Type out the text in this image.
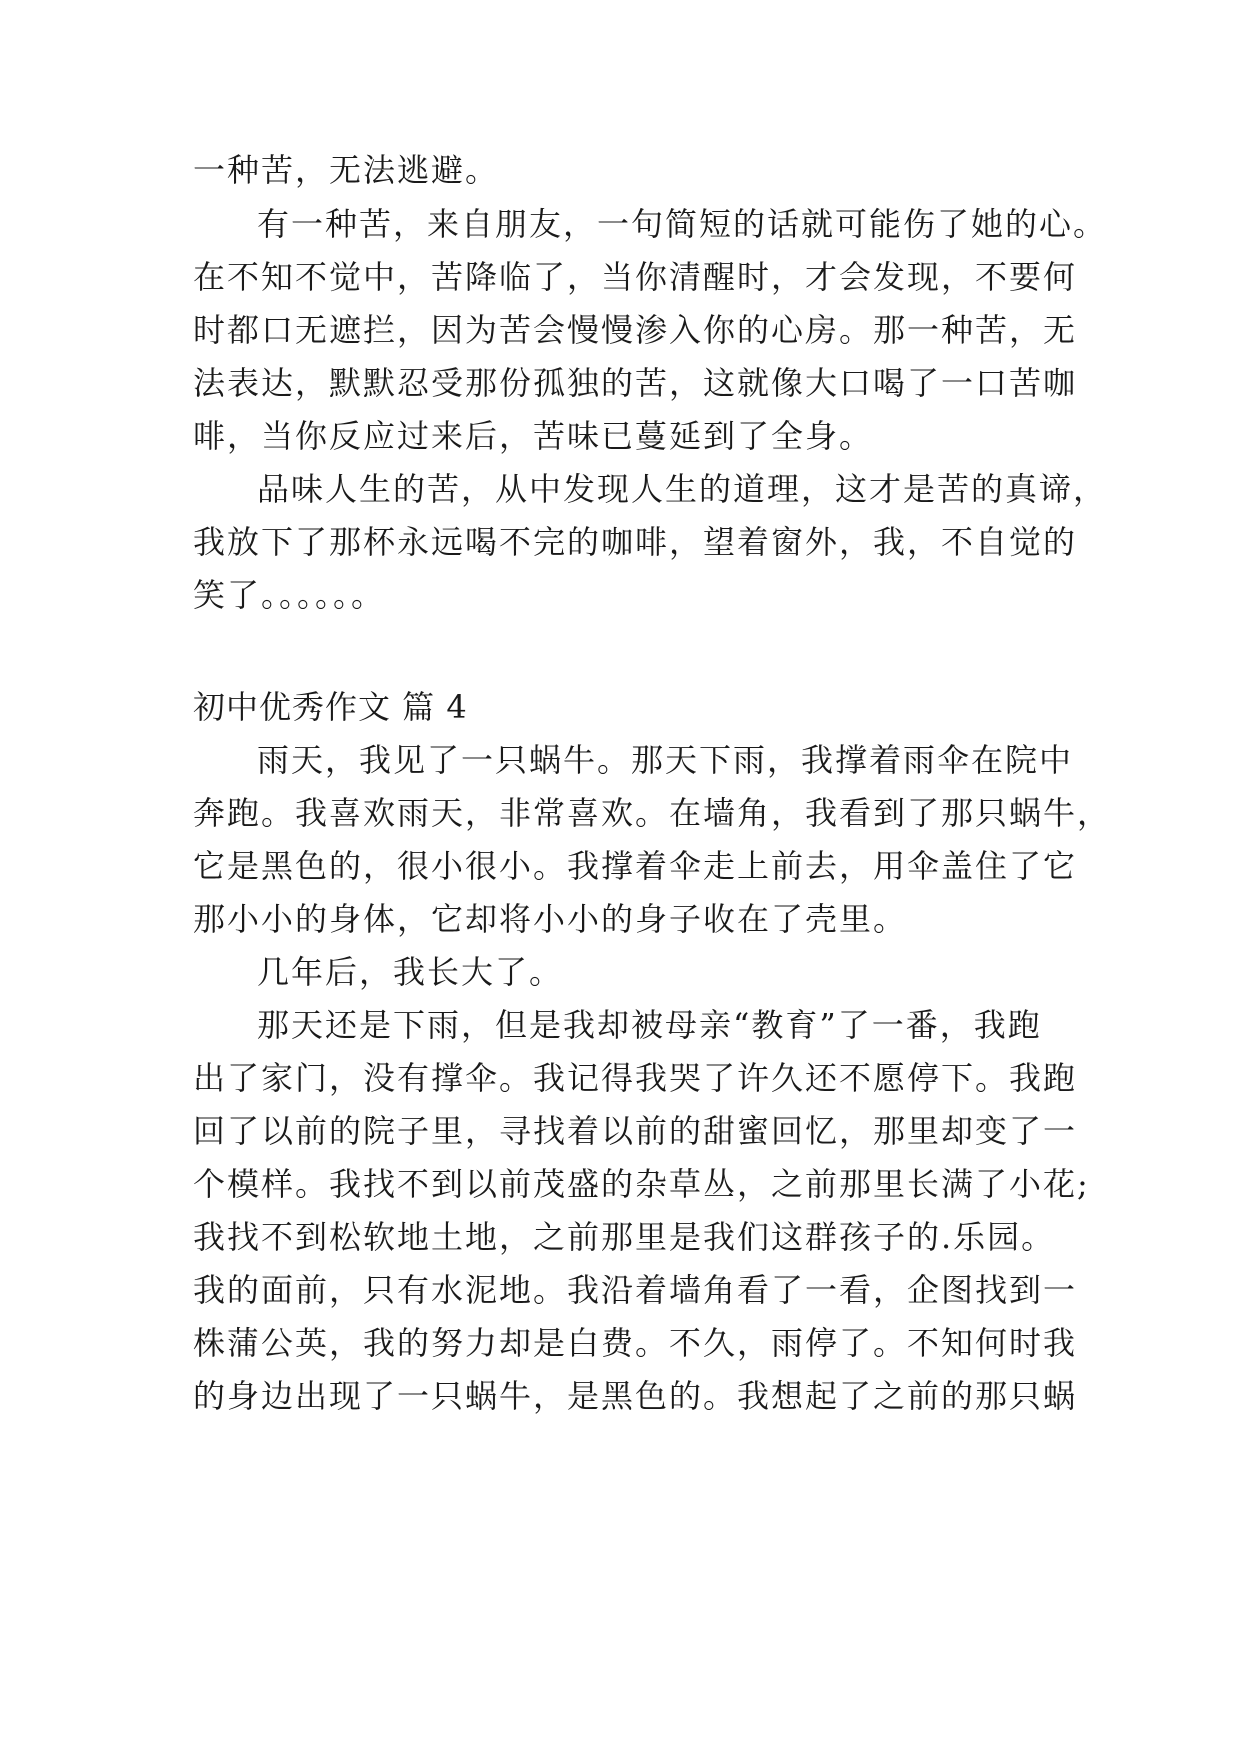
一种苦，无法逃避。

有一种苦，来自朋友，一句简短的话就可能伤了她的心。

在不知不觉中，苦降临了，当你清醒时，才会发现，不要何

时都口无遮拦，因为苦会慢慢渗入你的心房。那一种苦，无

法表达，默默忍受那份孤独的苦，这就像大口喝了一口苦咖

啡，当你反应过来后，苦味已蔓延到了全身。

品味人生的苦，从中发现人生的道理，这才是苦的真谛，

我放下了那杯永远喝不完的咖啡，望着窗外，我，不自觉的

笑了。。。。。。

初中优秀作文 篇 4

雨天，我见了一只蜗牛。那天下雨，我撑着雨伞在院中

奔跑。我喜欢雨天，非常喜欢。在墙角，我看到了那只蜗牛，

它是黑色的，很小很小。我撑着伞走上前去，用伞盖住了它

那小小的身体，它却将小小的身子收在了壳里。

几年后，我长大了。

那天还是下雨，但是我却被母亲“教育”了一番，我跑

出了家门，没有撑伞。我记得我哭了许久还不愿停下。我跑

回了以前的院子里，寻找着以前的甜蜜回忆，那里却变了一

个模样。我找不到以前茂盛的杂草丛，之前那里长满了小花;

我找不到松软地土地，之前那里是我们这群孩子的.乐园。

我的面前，只有水泥地。我沿着墙角看了一看，企图找到一

株蒲公英，我的努力却是白费。不久，雨停了。不知何时我

的身边出现了一只蜗牛，是黑色的。我想起了之前的那只蜗
